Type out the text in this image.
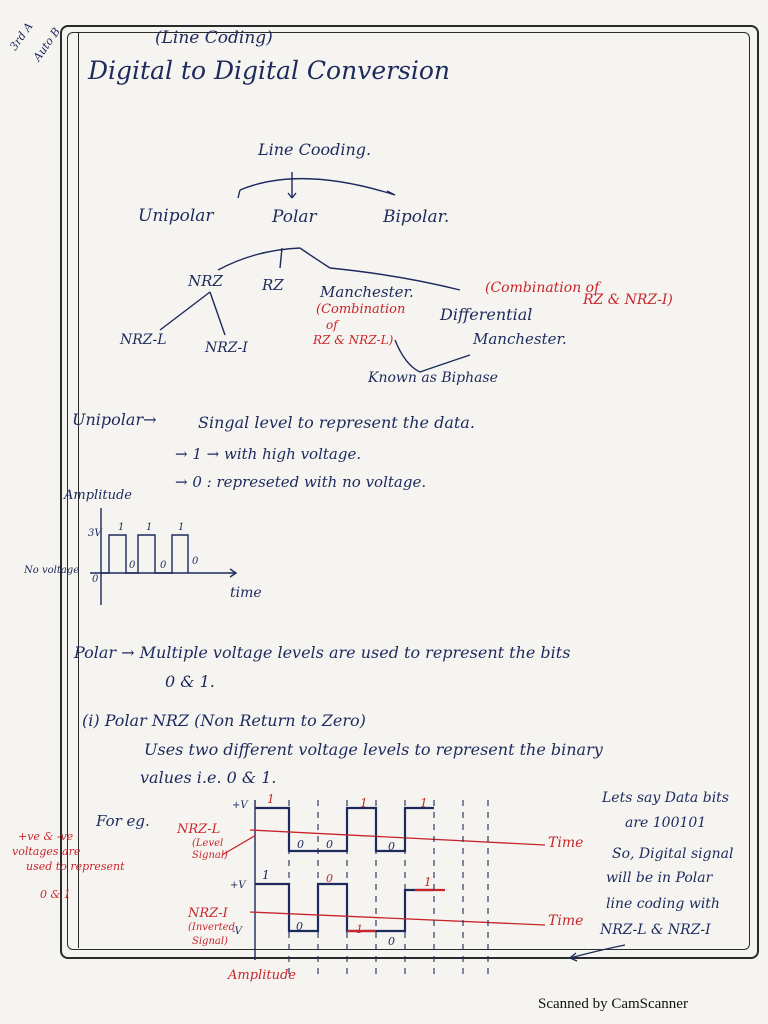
3rd A
Auto B	(Line Coding)
Digital to Digital Conversion
Line Cooding.
Unipolar	Polar	Bipolar.
NRZ	RZ Manchester.
(Combination
of
RZ & NRZ-L)
Differential
Manchester.
(Combination of
RZ & NRZ-I)
NRZ-L	NRZ-I
Known as Biphase
Unipolar→	Singal level to represent the data.
→ 1 → with high voltage.
→ 0 : represeted with no voltage.
Amplitude
3V
No voltage
0
time
1 1	1
0 0	0
Polar → Multiple voltage levels are used to represent the bits
0 & 1.
(i) Polar NRZ (Non Return to Zero)
Uses two different voltage levels to represent the binary
values i.e. 0 & 1.
For eg. NRZ-L
(Level
Signal)
NRZ-I
(Inverted
Signal)
+V
+V
-V
Time
Time
Amplitude
1
0 0
1
0
1
1
0
0
1
0
1
+ve & -ve
voltages are
used to represent
0 & 1
Lets say Data bits
are 100101
So, Digital signal
will be in Polar
line coding with
NRZ-L & NRZ-I
Scanned by CamScanner
